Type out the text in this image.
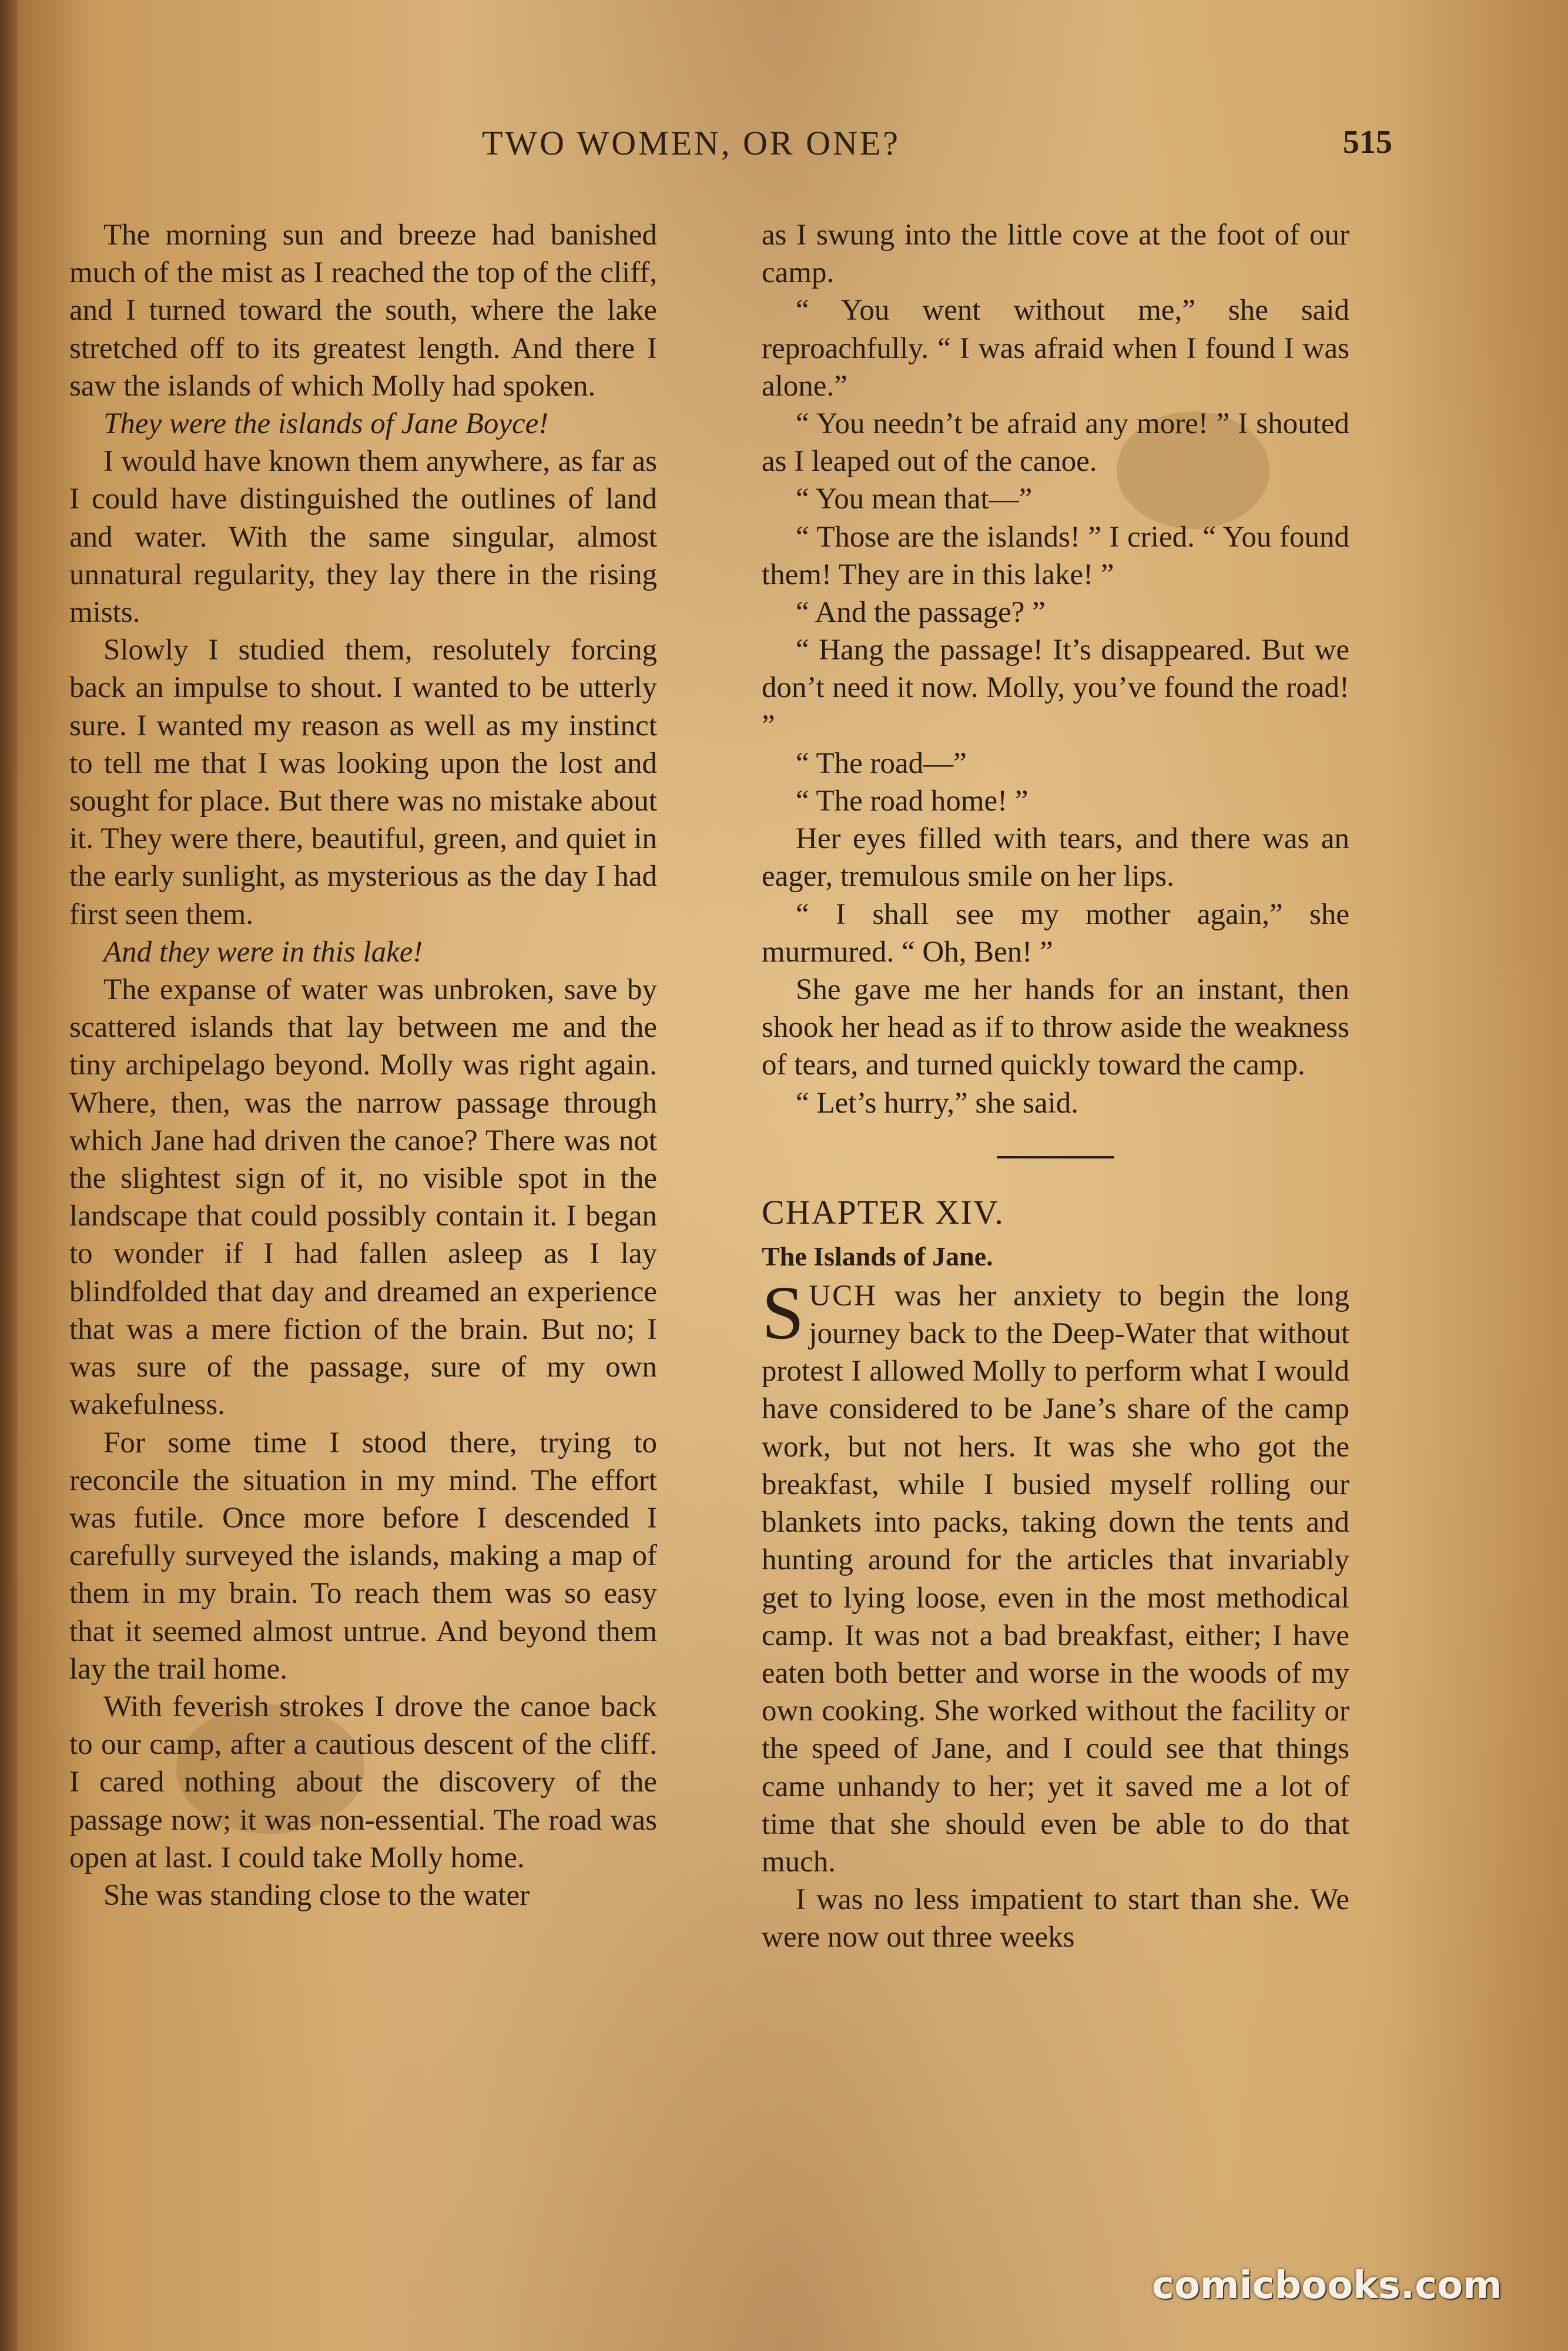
TWO WOMEN, OR ONE?	515

The morning sun and breeze had banished much of the mist as I reached the top of the cliff, and I turned toward the south, where the lake stretched off to its greatest length. And there I saw the islands of which Molly had spoken.

They were the islands of Jane Boyce!

I would have known them anywhere, as far as I could have distinguished the outlines of land and water. With the same singular, almost unnatural regularity, they lay there in the rising mists.

Slowly I studied them, resolutely forcing back an impulse to shout. I wanted to be utterly sure. I wanted my reason as well as my instinct to tell me that I was looking upon the lost and sought for place. But there was no mistake about it. They were there, beautiful, green, and quiet in the early sunlight, as mysterious as the day I had first seen them.

And they were in this lake!

The expanse of water was unbroken, save by scattered islands that lay between me and the tiny archipelago beyond. Molly was right again. Where, then, was the narrow passage through which Jane had driven the canoe? There was not the slightest sign of it, no visible spot in the landscape that could possibly contain it. I began to wonder if I had fallen asleep as I lay blindfolded that day and dreamed an experience that was a mere fiction of the brain. But no; I was sure of the passage, sure of my own wakefulness.

For some time I stood there, trying to reconcile the situation in my mind. The effort was futile. Once more before I descended I carefully surveyed the islands, making a map of them in my brain. To reach them was so easy that it seemed almost untrue. And beyond them lay the trail home.

With feverish strokes I drove the canoe back to our camp, after a cautious descent of the cliff. I cared nothing about the discovery of the passage now; it was non-essential. The road was open at last. I could take Molly home.

She was standing close to the water

as I swung into the little cove at the foot of our camp.

“ You went without me,” she said reproachfully. “ I was afraid when I found I was alone.”

“ You needn’t be afraid any more! ” I shouted as I leaped out of the canoe.

“ You mean that—”

“ Those are the islands! ” I cried. “ You found them! They are in this lake! ”

“ And the passage? ”

“ Hang the passage! It’s disappeared. But we don’t need it now. Molly, you’ve found the road! ”

“ The road—”

“ The road home! ”

Her eyes filled with tears, and there was an eager, tremulous smile on her lips.

“ I shall see my mother again,” she murmured. “ Oh, Ben! ”

She gave me her hands for an instant, then shook her head as if to throw aside the weakness of tears, and turned quickly toward the camp.

“ Let’s hurry,” she said.

CHAPTER XIV.

The Islands of Jane.

SUCH was her anxiety to begin the long journey back to the Deep-Water that without protest I allowed Molly to perform what I would have considered to be Jane’s share of the camp work, but not hers. It was she who got the breakfast, while I busied myself rolling our blankets into packs, taking down the tents and hunting around for the articles that invariably get to lying loose, even in the most methodical camp. It was not a bad breakfast, either; I have eaten both better and worse in the woods of my own cooking. She worked without the facility or the speed of Jane, and I could see that things came unhandy to her; yet it saved me a lot of time that she should even be able to do that much.

I was no less impatient to start than she. We were now out three weeks

comicbooks.com
